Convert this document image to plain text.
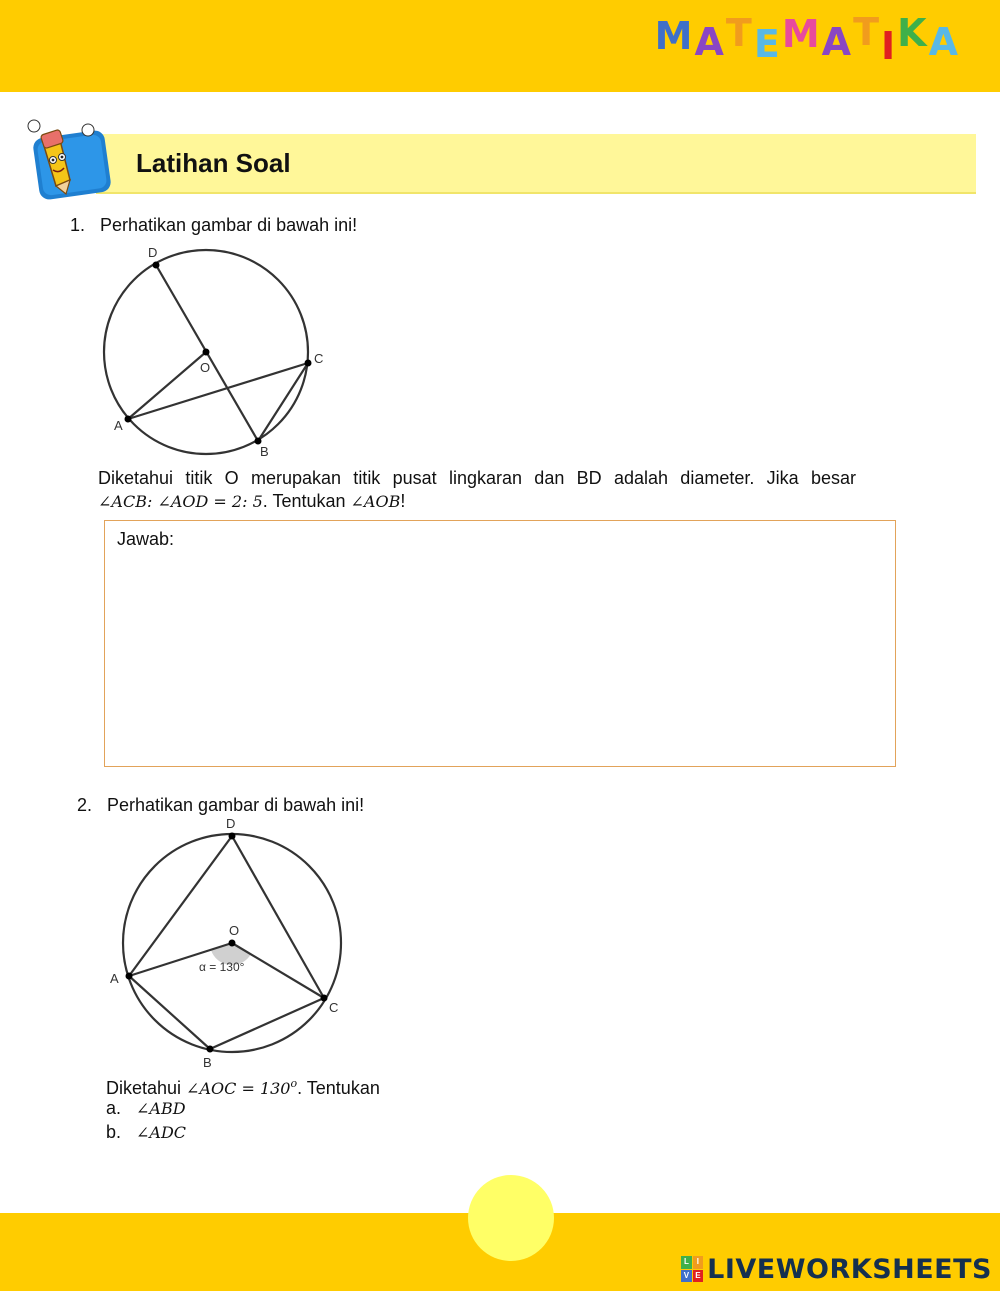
MATEMATIKA
Latihan Soal
1. Perhatikan gambar di bawah ini!
D
O
C
A
B
Diketahui titik O merupakan titik pusat lingkaran dan BD adalah diameter. Jika besar
∠ACB: ∠AOD = 2: 5. Tentukan ∠AOB!
Jawab:
2. Perhatikan gambar di bawah ini!
D
O
A
C
B
α = 130°
Diketahui ∠AOC = $130^o$. Tentukan
a. ∠ABD
b. ∠ADC
L I
V E LIVEWORKSHEETS
